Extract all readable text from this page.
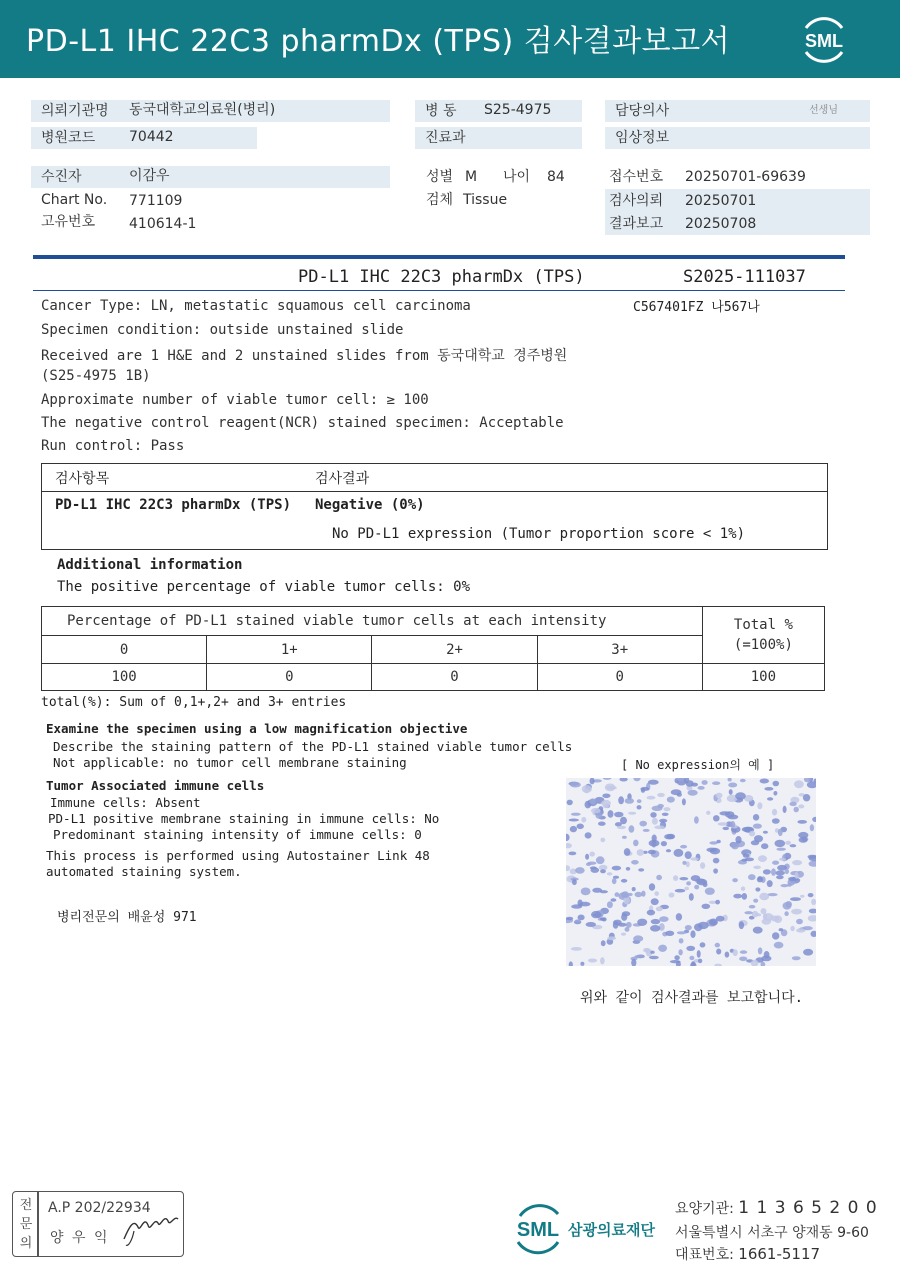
PD-L1 IHC 22C3 pharmDx (TPS) 검사결과보고서	SML
의뢰기관명	동국대학교의료원(병리)	병 동	S25-4975	담당의사	선생님
병원코드	70442	진료과	임상정보
수진자	이감우	성별 M 나이 84	접수번호 20250701-69639
Chart No. 771109	검체 Tissue	검사의뢰 20250701
고유번호 410614-1	결과보고 20250708
PD-L1 IHC 22C3 pharmDx (TPS)	S2025-111037
C567401FZ 나567나
Cancer Type: LN, metastatic squamous cell carcinoma
Specimen condition: outside unstained slide
Received are 1 H&E and 2 unstained slides from 동국대학교 경주병원
(S25-4975 1B)
Approximate number of viable tumor cell: ≥ 100
The negative control reagent(NCR) stained specimen: Acceptable
Run control: Pass
검사항목	검사결과
PD-L1 IHC 22C3 pharmDx (TPS) Negative (0%)
No PD-L1 expression (Tumor proportion score < 1%)
Additional information
The positive percentage of viable tumor cells: 0%
Percentage of PD-L1 stained viable tumor cells at each intensity				Total %
(=100%)
0	1+	2+	3+	
100	0	0	0	100
total(%): Sum of 0,1+,2+ and 3+ entries
Examine the specimen using a low magnification objective
Describe the staining pattern of the PD-L1 stained viable tumor cells
Not applicable: no tumor cell membrane staining	[ No expression의 예 ]
Tumor Associated immune cells
Immune cells: Absent
PD-L1 positive membrane staining in immune cells: No
Predominant staining intensity of immune cells: 0
This process is performed using Autostainer Link 48
automated staining system.
병리전문의 배윤성 971
위와 같이 검사결과를 보고합니다.
전
문
의
A.P 202/22934
양 우 익	SML 삼광의료재단
요양기관: 1 1 3 6 5 2 0 0
서울특별시 서초구 양재동 9-60
대표번호: 1661-5117
